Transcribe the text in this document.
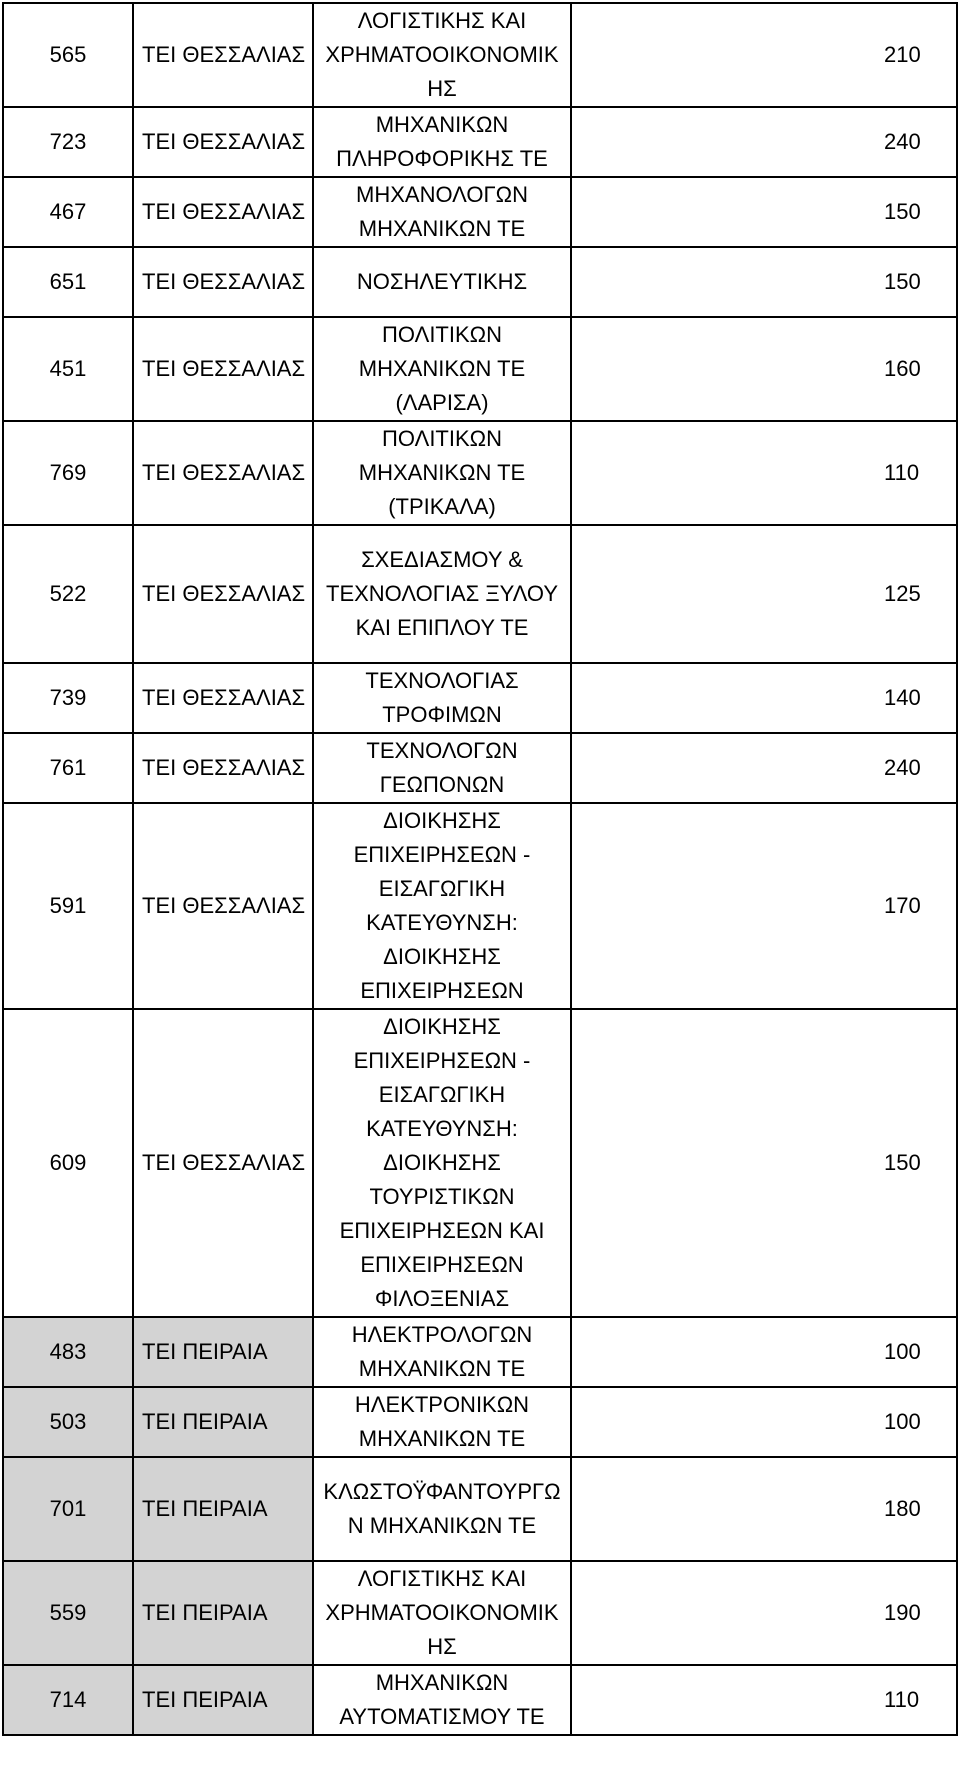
565	ΤΕΙ ΘΕΣΣΑΛΙΑΣ	ΛΟΓΙΣΤΙΚΗΣ ΚΑΙ ΧΡΗΜΑΤΟΟΙΚΟΝΟΜΙΚΗΣ	210
723	ΤΕΙ ΘΕΣΣΑΛΙΑΣ	ΜΗΧΑΝΙΚΩΝ ΠΛΗΡΟΦΟΡΙΚΗΣ ΤΕ	240
467	ΤΕΙ ΘΕΣΣΑΛΙΑΣ	ΜΗΧΑΝΟΛΟΓΩΝ ΜΗΧΑΝΙΚΩΝ ΤΕ	150
651	ΤΕΙ ΘΕΣΣΑΛΙΑΣ	ΝΟΣΗΛΕΥΤΙΚΗΣ	150
451	ΤΕΙ ΘΕΣΣΑΛΙΑΣ	ΠΟΛΙΤΙΚΩΝ ΜΗΧΑΝΙΚΩΝ ΤΕ (ΛΑΡΙΣΑ)	160
769	ΤΕΙ ΘΕΣΣΑΛΙΑΣ	ΠΟΛΙΤΙΚΩΝ ΜΗΧΑΝΙΚΩΝ ΤΕ (ΤΡΙΚΑΛΑ)	110
522	ΤΕΙ ΘΕΣΣΑΛΙΑΣ	ΣΧΕΔΙΑΣΜΟΥ & ΤΕΧΝΟΛΟΓΙΑΣ ΞΥΛΟΥ ΚΑΙ ΕΠΙΠΛΟΥ ΤΕ	125
739	ΤΕΙ ΘΕΣΣΑΛΙΑΣ	ΤΕΧΝΟΛΟΓΙΑΣ ΤΡΟΦΙΜΩΝ	140
761	ΤΕΙ ΘΕΣΣΑΛΙΑΣ	ΤΕΧΝΟΛΟΓΩΝ ΓΕΩΠΟΝΩΝ	240
591	ΤΕΙ ΘΕΣΣΑΛΙΑΣ	ΔΙΟΙΚΗΣΗΣ ΕΠΙΧΕΙΡΗΣΕΩΝ - ΕΙΣΑΓΩΓΙΚΗ ΚΑΤΕΥΘΥΝΣΗ: ΔΙΟΙΚΗΣΗΣ ΕΠΙΧΕΙΡΗΣΕΩΝ	170
609	ΤΕΙ ΘΕΣΣΑΛΙΑΣ	ΔΙΟΙΚΗΣΗΣ ΕΠΙΧΕΙΡΗΣΕΩΝ - ΕΙΣΑΓΩΓΙΚΗ ΚΑΤΕΥΘΥΝΣΗ: ΔΙΟΙΚΗΣΗΣ ΤΟΥΡΙΣΤΙΚΩΝ ΕΠΙΧΕΙΡΗΣΕΩΝ ΚΑΙ ΕΠΙΧΕΙΡΗΣΕΩΝ ΦΙΛΟΞΕΝΙΑΣ	150
483	ΤΕΙ ΠΕΙΡΑΙΑ	ΗΛΕΚΤΡΟΛΟΓΩΝ ΜΗΧΑΝΙΚΩΝ ΤΕ	100
503	ΤΕΙ ΠΕΙΡΑΙΑ	ΗΛΕΚΤΡΟΝΙΚΩΝ ΜΗΧΑΝΙΚΩΝ ΤΕ	100
701	ΤΕΙ ΠΕΙΡΑΙΑ	ΚΛΩΣΤΟΫΦΑΝΤΟΥΡΓΩΝ ΜΗΧΑΝΙΚΩΝ ΤΕ	180
559	ΤΕΙ ΠΕΙΡΑΙΑ	ΛΟΓΙΣΤΙΚΗΣ ΚΑΙ ΧΡΗΜΑΤΟΟΙΚΟΝΟΜΙΚΗΣ	190
714	ΤΕΙ ΠΕΙΡΑΙΑ	ΜΗΧΑΝΙΚΩΝ ΑΥΤΟΜΑΤΙΣΜΟΥ ΤΕ	110
